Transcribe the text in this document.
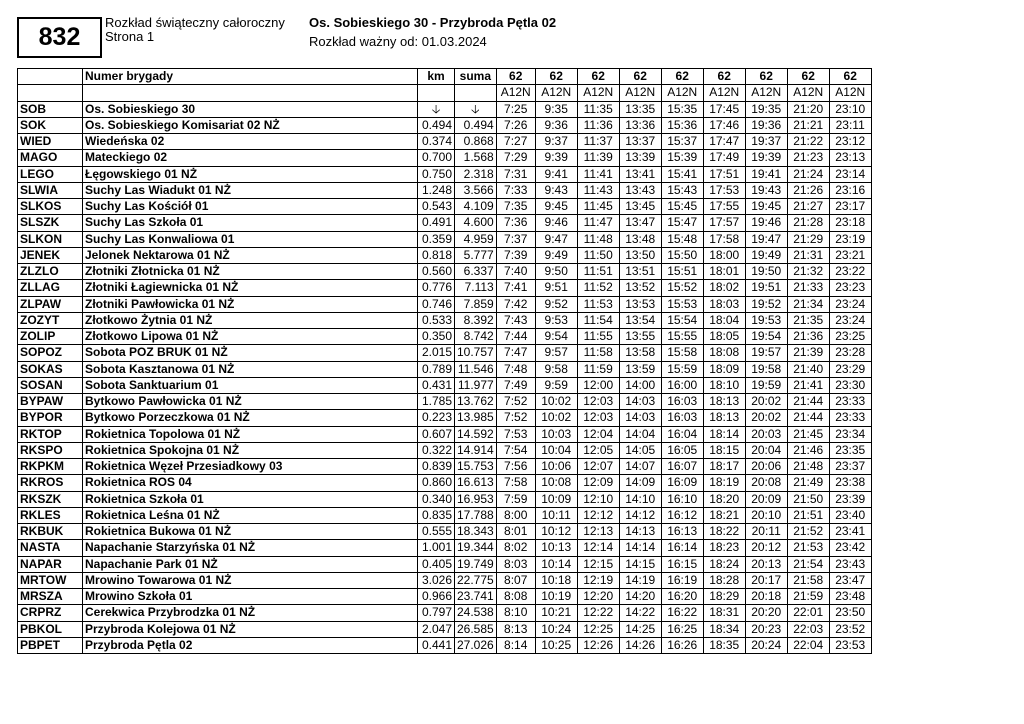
832
Rozkład świąteczny całoroczny
Strona 1
Os. Sobieskiego 30 - Przybroda Pętla 02
Rozkład ważny od: 01.03.2024
	Numer brygady	km	suma	62	62	62	62	62	62	62	62	62
				A12N	A12N	A12N	A12N	A12N	A12N	A12N	A12N	A12N
SOB	Os. Sobieskiego 30	🡣	🡣	7:25	9:35	11:35	13:35	15:35	17:45	19:35	21:20	23:10
SOK	Os. Sobieskiego Komisariat 02 NŻ	0.494	0.494	7:26	9:36	11:36	13:36	15:36	17:46	19:36	21:21	23:11
WIED	Wiedeńska 02	0.374	0.868	7:27	9:37	11:37	13:37	15:37	17:47	19:37	21:22	23:12
MAGO	Mateckiego 02	0.700	1.568	7:29	9:39	11:39	13:39	15:39	17:49	19:39	21:23	23:13
LEGO	Łęgowskiego 01 NŻ	0.750	2.318	7:31	9:41	11:41	13:41	15:41	17:51	19:41	21:24	23:14
SLWIA	Suchy Las Wiadukt 01 NŻ	1.248	3.566	7:33	9:43	11:43	13:43	15:43	17:53	19:43	21:26	23:16
SLKOS	Suchy Las Kościół 01	0.543	4.109	7:35	9:45	11:45	13:45	15:45	17:55	19:45	21:27	23:17
SLSZK	Suchy Las Szkoła 01	0.491	4.600	7:36	9:46	11:47	13:47	15:47	17:57	19:46	21:28	23:18
SLKON	Suchy Las Konwaliowa 01	0.359	4.959	7:37	9:47	11:48	13:48	15:48	17:58	19:47	21:29	23:19
JENEK	Jelonek Nektarowa 01 NŻ	0.818	5.777	7:39	9:49	11:50	13:50	15:50	18:00	19:49	21:31	23:21
ZLZLO	Złotniki Złotnicka 01 NŻ	0.560	6.337	7:40	9:50	11:51	13:51	15:51	18:01	19:50	21:32	23:22
ZLLAG	Złotniki Łagiewnicka 01 NŻ	0.776	7.113	7:41	9:51	11:52	13:52	15:52	18:02	19:51	21:33	23:23
ZLPAW	Złotniki Pawłowicka 01 NŻ	0.746	7.859	7:42	9:52	11:53	13:53	15:53	18:03	19:52	21:34	23:24
ZOZYT	Złotkowo Żytnia 01 NŻ	0.533	8.392	7:43	9:53	11:54	13:54	15:54	18:04	19:53	21:35	23:24
ZOLIP	Złotkowo Lipowa 01 NŻ	0.350	8.742	7:44	9:54	11:55	13:55	15:55	18:05	19:54	21:36	23:25
SOPOZ	Sobota POZ BRUK 01 NŻ	2.015	10.757	7:47	9:57	11:58	13:58	15:58	18:08	19:57	21:39	23:28
SOKAS	Sobota Kasztanowa 01 NŻ	0.789	11.546	7:48	9:58	11:59	13:59	15:59	18:09	19:58	21:40	23:29
SOSAN	Sobota Sanktuarium 01	0.431	11.977	7:49	9:59	12:00	14:00	16:00	18:10	19:59	21:41	23:30
BYPAW	Bytkowo Pawłowicka 01 NŻ	1.785	13.762	7:52	10:02	12:03	14:03	16:03	18:13	20:02	21:44	23:33
BYPOR	Bytkowo Porzeczkowa 01 NŻ	0.223	13.985	7:52	10:02	12:03	14:03	16:03	18:13	20:02	21:44	23:33
RKTOP	Rokietnica Topolowa 01 NŻ	0.607	14.592	7:53	10:03	12:04	14:04	16:04	18:14	20:03	21:45	23:34
RKSPO	Rokietnica Spokojna 01 NŻ	0.322	14.914	7:54	10:04	12:05	14:05	16:05	18:15	20:04	21:46	23:35
RKPKM	Rokietnica Węzeł Przesiadkowy 03	0.839	15.753	7:56	10:06	12:07	14:07	16:07	18:17	20:06	21:48	23:37
RKROS	Rokietnica ROS 04	0.860	16.613	7:58	10:08	12:09	14:09	16:09	18:19	20:08	21:49	23:38
RKSZK	Rokietnica Szkoła 01	0.340	16.953	7:59	10:09	12:10	14:10	16:10	18:20	20:09	21:50	23:39
RKLES	Rokietnica Leśna 01 NŻ	0.835	17.788	8:00	10:11	12:12	14:12	16:12	18:21	20:10	21:51	23:40
RKBUK	Rokietnica Bukowa 01 NŻ	0.555	18.343	8:01	10:12	12:13	14:13	16:13	18:22	20:11	21:52	23:41
NASTA	Napachanie Starzyńska 01 NŻ	1.001	19.344	8:02	10:13	12:14	14:14	16:14	18:23	20:12	21:53	23:42
NAPAR	Napachanie Park 01 NŻ	0.405	19.749	8:03	10:14	12:15	14:15	16:15	18:24	20:13	21:54	23:43
MRTOW	Mrowino Towarowa 01 NŻ	3.026	22.775	8:07	10:18	12:19	14:19	16:19	18:28	20:17	21:58	23:47
MRSZA	Mrowino Szkoła 01	0.966	23.741	8:08	10:19	12:20	14:20	16:20	18:29	20:18	21:59	23:48
CRPRZ	Cerekwica Przybrodzka 01 NŻ	0.797	24.538	8:10	10:21	12:22	14:22	16:22	18:31	20:20	22:01	23:50
PBKOL	Przybroda Kolejowa 01 NŻ	2.047	26.585	8:13	10:24	12:25	14:25	16:25	18:34	20:23	22:03	23:52
PBPET	Przybroda Pętla 02	0.441	27.026	8:14	10:25	12:26	14:26	16:26	18:35	20:24	22:04	23:53
